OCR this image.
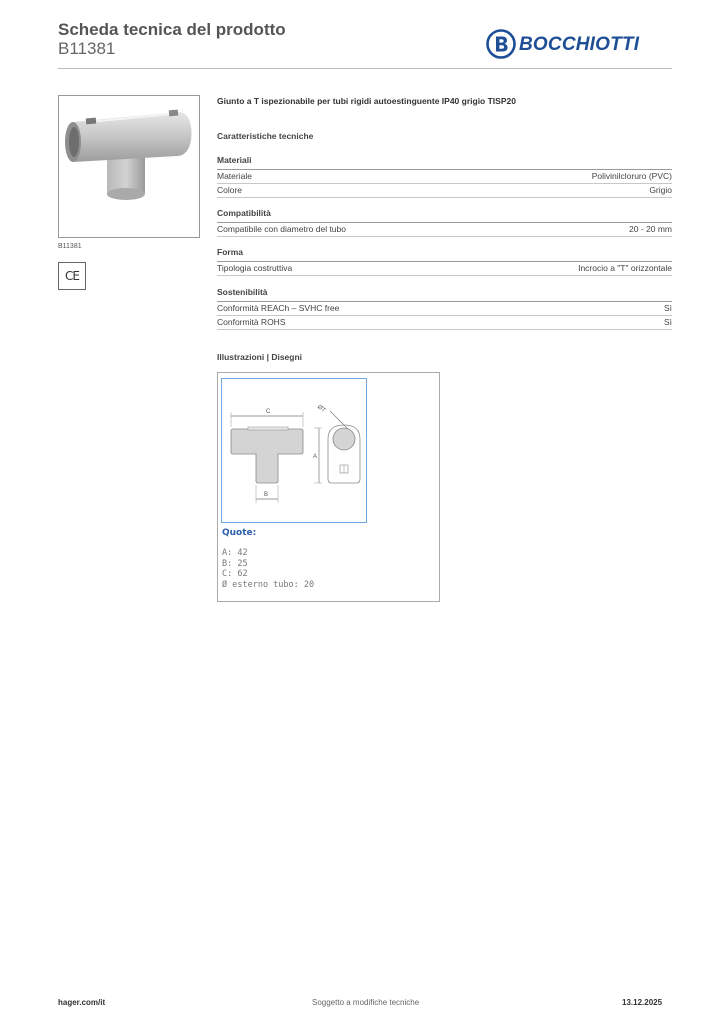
Scheda tecnica del prodotto
B11381	BOCCHIOTTI
B11381
CE
Giunto a T ispezionabile per tubi rigidi autoestinguente IP40 grigio TISP20
Caratteristiche tecniche
Materiali
Materiale	Polivinilcloruro (PVC)
Colore	Grigio
Compatibilità
Compatibile con diametro del tubo	20 - 20 mm
Forma
Tipologia costruttiva	Incrocio a "T" orizzontale
Sostenibilità
Conformità REACh – SVHC free	Sì
Conformità ROHS	Sì
Illustrazioni | Disegni
C
B
A
ØT
Quote:
A: 42
B: 25
C: 62
Ø esterno tubo: 20
hager.com/it	Soggetto a modifiche tecniche	13.12.2025
